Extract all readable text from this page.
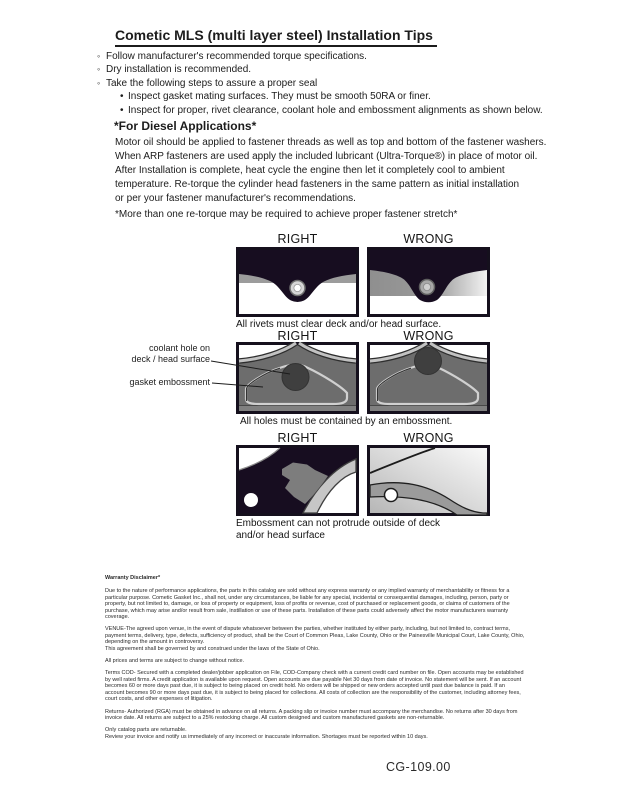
Cometic MLS (multi layer steel) Installation Tips
◦ Follow manufacturer's recommended torque specifications.
◦ Dry installation is recommended.
◦ Take the following steps to assure a proper seal
• Inspect gasket mating surfaces. They must be smooth 50RA or finer.
• Inspect for proper, rivet clearance, coolant hole and embossment alignments as shown below.
*For Diesel Applications*
Motor oil should be applied to fastener threads as well as top and bottom of the fastener washers.
When ARP fasteners are used apply the included lubricant (Ultra-Torque®) in place of motor oil.
After Installation is complete, heat cycle the engine then let it completely cool to ambient
temperature. Re-torque the cylinder head fasteners in the same pattern as initial installation
or per your fastener manufacturer's recommendations.
*More than one re-torque may be required to achieve proper fastener stretch*
RIGHT	WRONG
All rivets must clear deck and/or head surface.
RIGHT	WRONG
coolant hole on
deck / head surface
gasket embossment
All holes must be contained by an embossment.
RIGHT	WRONG
Embossment can not protrude outside of deck
and/or head surface
Warranty Disclaimer*
Due to the nature of performance applications, the parts in this catalog are sold without any express warranty or any implied warranty of merchantability or fitness for a particular purpose. Cometic Gasket Inc., shall not, under any circumstances, be liable for any special, incidental or consequential damages, including, person, party or property, but not limited to, damage, or loss of property or equipment, loss of profits or revenue, cost of purchased or replacement goods, or claims of customers of the purchase, which may arise and/or result from sale, instillation or use of these parts. Installation of these parts could adversely affect the motor manufacturers warranty coverage.
VENUE-The agreed upon venue, in the event of dispute whatsoever between the parties, whether instituted by either party, including, but not limited to, contract terms, payment terms, delivery, type, defects, sufficiency of product, shall be the Court of Common Pleas, Lake County, Ohio or the Painesville Municipal Court, Lake County, Ohio, depending on the amount in controversy.
This agreement shall be governed by and construed under the laws of the State of Ohio.
All prices and terms are subject to change without notice.
Terms COD- Secured with a completed dealer/jobber application on File, COD-Company check with a current credit card number on file. Open accounts may be established by well rated firms. A credit application is available upon request. Open accounts are due payable Net 30 days from date of invoice. No statement will be sent. If an account becomes 60 or more days past due, it is subject to being placed on credit hold. No orders will be shipped or new orders accepted until past due balance is paid. If an account becomes 90 or more days past due, it is subject to being placed for collections. All costs of collection are the responsibility of the customer, including attorney fees, court costs, and other expenses of litigation.
Returns- Authorized (RGA) must be obtained in advance on all returns. A packing slip or invoice number must accompany the merchandise. No returns after 30 days from invoice date. All returns are subject to a 25% restocking charge. All custom designed and custom manufactured gaskets are non-returnable.
Only catalog parts are returnable.
Review your invoice and notify us immediately of any incorrect or inaccurate information. Shortages must be reported within 10 days.
CG-109.00
